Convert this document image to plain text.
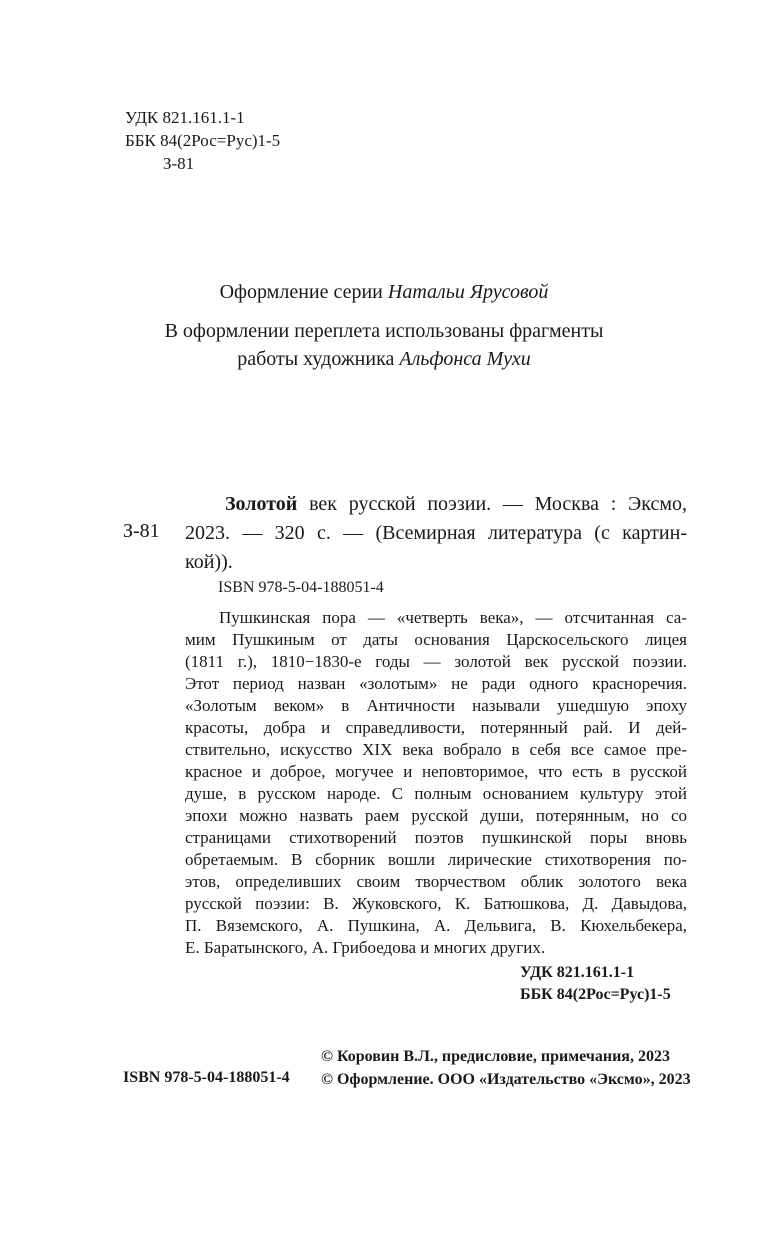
УДК 821.161.1-1
ББК 84(2Рос=Рус)1-5
З-81
Оформление серии Натальи Ярусовой
В оформлении переплета использованы фрагменты
работы художника Альфонса Мухи
З-81
Золотой век русской поэзии. — Москва : Эксмо,
2023. — 320 с. — (Всемирная литература (с картин-
кой)).
ISBN 978-5-04-188051-4
Пушкинская пора — «четверть века», — отсчитанная са-
мим Пушкиным от даты основания Царскосельского лицея
(1811 г.), 1810−1830-е годы — золотой век русской поэзии.
Этот период назван «золотым» не ради одного красноречия.
«Золотым веком» в Античности называли ушедшую эпоху
красоты, добра и справедливости, потерянный рай. И дей-
ствительно, искусство XIX века вобрало в себя все самое пре-
красное и доброе, могучее и неповторимое, что есть в русской
душе, в русском народе. С полным основанием культуру этой
эпохи можно назвать раем русской души, потерянным, но со
страницами стихотворений поэтов пушкинской поры вновь
обретаемым. В сборник вошли лирические стихотворения по-
этов, определивших своим творчеством облик золотого века
русской поэзии: В. Жуковского, К. Батюшкова, Д. Давыдова,
П. Вяземского, А. Пушкина, А. Дельвига, В. Кюхельбекера,
Е. Баратынского, А. Грибоедова и многих других.
УДК 821.161.1-1
ББК 84(2Рос=Рус)1-5
ISBN 978-5-04-188051-4
© Коровин В.Л., предисловие, примечания, 2023
© Оформление. ООО «Издательство «Эксмо», 2023
